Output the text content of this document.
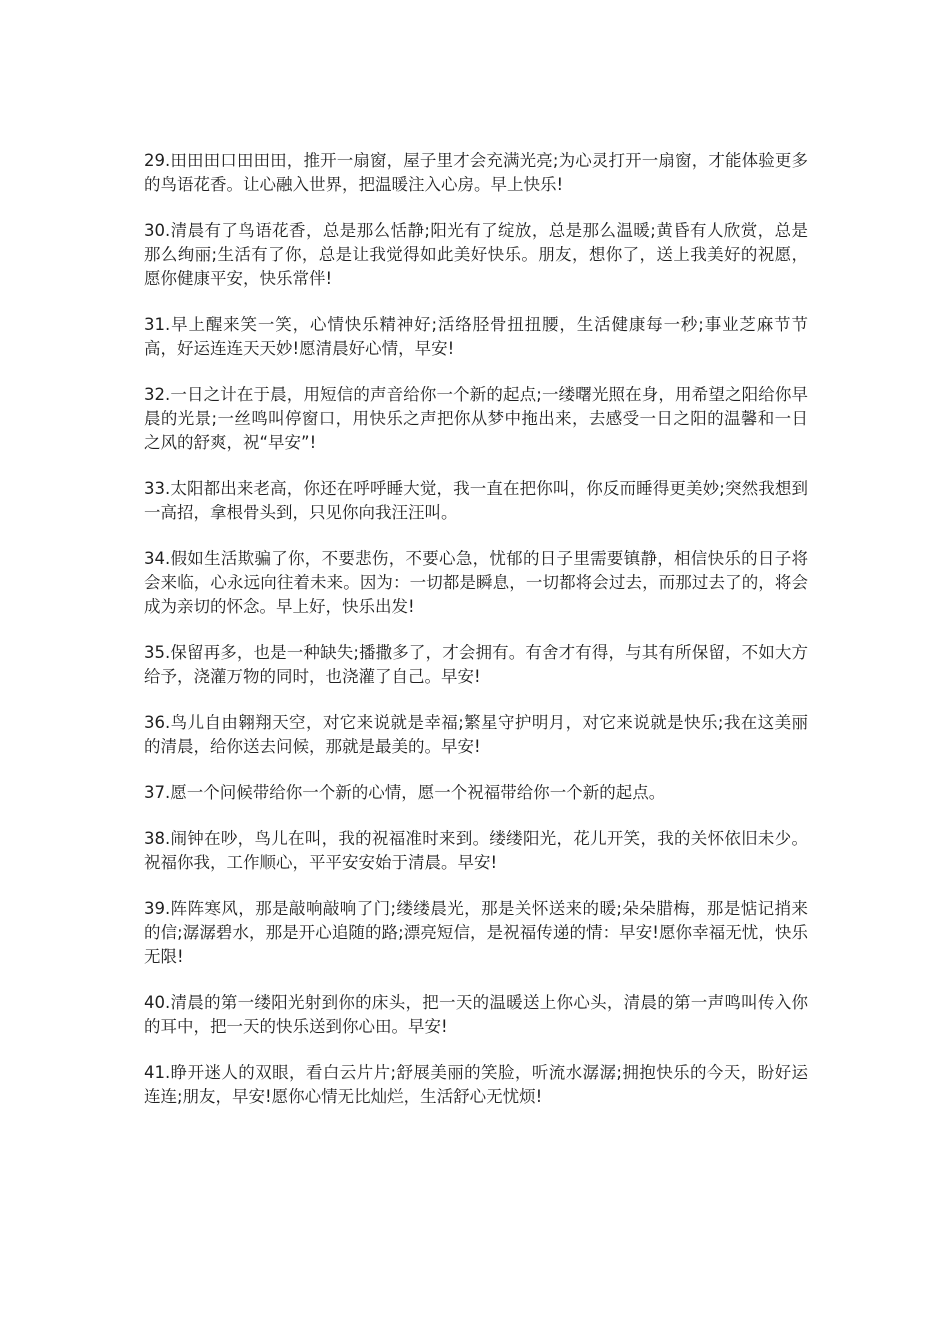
29.田田田口田田田，推开一扇窗，屋子里才会充满光亮;为心灵打开一扇窗，才能体验更多的鸟语花香。让心融入世界，把温暖注入心房。早上快乐!

30.清晨有了鸟语花香，总是那么恬静;阳光有了绽放，总是那么温暖;黄昏有人欣赏，总是那么绚丽;生活有了你，总是让我觉得如此美好快乐。朋友，想你了，送上我美好的祝愿，愿你健康平安，快乐常伴!

31.早上醒来笑一笑，心情快乐精神好;活络胫骨扭扭腰，生活健康每一秒;事业芝麻节节高，好运连连天天妙!愿清晨好心情，早安!

32.一日之计在于晨，用短信的声音给你一个新的起点;一缕曙光照在身，用希望之阳给你早晨的光景;一丝鸣叫停窗口，用快乐之声把你从梦中拖出来，去感受一日之阳的温馨和一日之风的舒爽，祝“早安”!

33.太阳都出来老高，你还在呼呼睡大觉，我一直在把你叫，你反而睡得更美妙;突然我想到一高招，拿根骨头到，只见你向我汪汪叫。

34.假如生活欺骗了你，不要悲伤，不要心急，忧郁的日子里需要镇静，相信快乐的日子将会来临，心永远向往着未来。因为：一切都是瞬息，一切都将会过去，而那过去了的，将会成为亲切的怀念。早上好，快乐出发!

35.保留再多，也是一种缺失;播撒多了，才会拥有。有舍才有得，与其有所保留，不如大方给予，浇灌万物的同时，也浇灌了自己。早安!

36.鸟儿自由翱翔天空，对它来说就是幸福;繁星守护明月，对它来说就是快乐;我在这美丽的清晨，给你送去问候，那就是最美的。早安!

37.愿一个问候带给你一个新的心情，愿一个祝福带给你一个新的起点。

38.闹钟在吵，鸟儿在叫，我的祝福准时来到。缕缕阳光，花儿开笑，我的关怀依旧未少。祝福你我，工作顺心，平平安安始于清晨。早安!

39.阵阵寒风，那是敲响敲响了门;缕缕晨光，那是关怀送来的暖;朵朵腊梅，那是惦记捎来的信;潺潺碧水，那是开心追随的路;漂亮短信，是祝福传递的情：早安!愿你幸福无忧，快乐无限!

40.清晨的第一缕阳光射到你的床头，把一天的温暖送上你心头，清晨的第一声鸣叫传入你的耳中，把一天的快乐送到你心田。早安!

41.睁开迷人的双眼，看白云片片;舒展美丽的笑脸，听流水潺潺;拥抱快乐的今天，盼好运连连;朋友，早安!愿你心情无比灿烂，生活舒心无忧烦!
